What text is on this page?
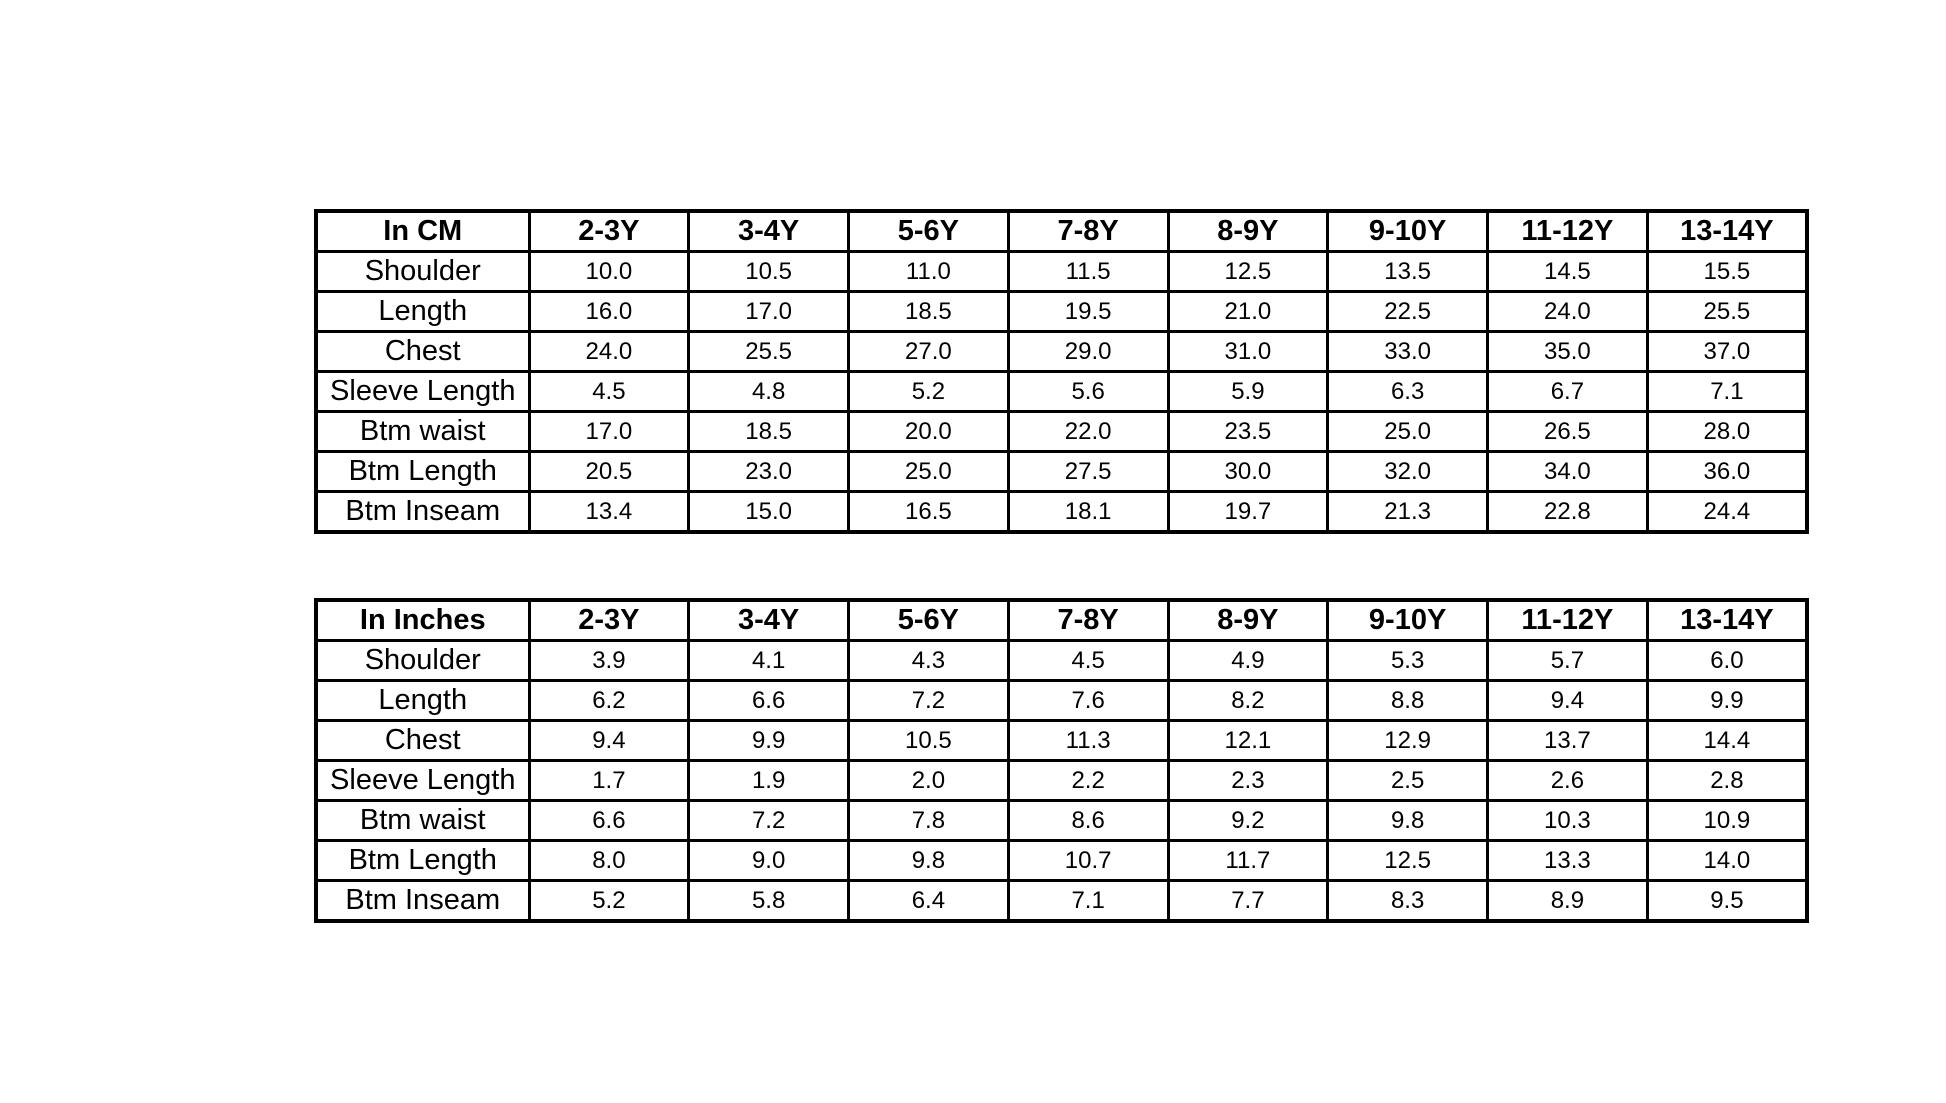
In CM	2-3Y	3-4Y	5-6Y	7-8Y	8-9Y	9-10Y	11-12Y	13-14Y
Shoulder	10.0	10.5	11.0	11.5	12.5	13.5	14.5	15.5
Length	16.0	17.0	18.5	19.5	21.0	22.5	24.0	25.5
Chest	24.0	25.5	27.0	29.0	31.0	33.0	35.0	37.0
Sleeve Length	4.5	4.8	5.2	5.6	5.9	6.3	6.7	7.1
Btm waist	17.0	18.5	20.0	22.0	23.5	25.0	26.5	28.0
Btm Length	20.5	23.0	25.0	27.5	30.0	32.0	34.0	36.0
Btm Inseam	13.4	15.0	16.5	18.1	19.7	21.3	22.8	24.4
In Inches	2-3Y	3-4Y	5-6Y	7-8Y	8-9Y	9-10Y	11-12Y	13-14Y
Shoulder	3.9	4.1	4.3	4.5	4.9	5.3	5.7	6.0
Length	6.2	6.6	7.2	7.6	8.2	8.8	9.4	9.9
Chest	9.4	9.9	10.5	11.3	12.1	12.9	13.7	14.4
Sleeve Length	1.7	1.9	2.0	2.2	2.3	2.5	2.6	2.8
Btm waist	6.6	7.2	7.8	8.6	9.2	9.8	10.3	10.9
Btm Length	8.0	9.0	9.8	10.7	11.7	12.5	13.3	14.0
Btm Inseam	5.2	5.8	6.4	7.1	7.7	8.3	8.9	9.5
